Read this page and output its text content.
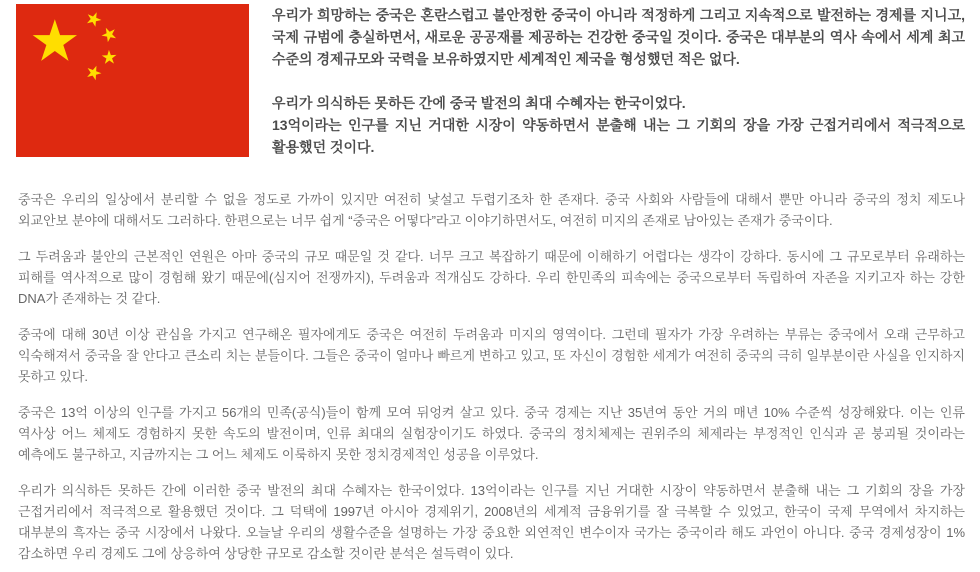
우리가 희망하는 중국은 혼란스럽고 불안정한 중국이 아니라 적정하게 그리고 지속적으로 발전하는 경제를 지니고, 국제 규범에 충실하면서, 새로운 공공재를 제공하는 건강한 중국일 것이다. 중국은 대부분의 역사 속에서 세계 최고 수준의 경제규모와 국력을 보유하였지만 세계적인 제국을 형성했던 적은 없다.
우리가 의식하든 못하든 간에 중국 발전의 최대 수혜자는 한국이었다.
13억이라는 인구를 지닌 거대한 시장이 약동하면서 분출해 내는 그 기회의 장을 가장 근접거리에서 적극적으로 활용했던 것이다.

중국은 우리의 일상에서 분리할 수 없을 정도로 가까이 있지만 여전히 낯설고 두렵기조차 한 존재다. 중국 사회와 사람들에 대해서 뿐만 아니라 중국의 정치 제도나 외교안보 분야에 대해서도 그러하다. 한편으로는 너무 쉽게 “중국은 어떻다”라고 이야기하면서도, 여전히 미지의 존재로 남아있는 존재가 중국이다.

그 두려움과 불안의 근본적인 연원은 아마 중국의 규모 때문일 것 같다. 너무 크고 복잡하기 때문에 이해하기 어렵다는 생각이 강하다. 동시에 그 규모로부터 유래하는 피해를 역사적으로 많이 경험해 왔기 때문에(심지어 전쟁까지), 두려움과 적개심도 강하다. 우리 한민족의 피속에는 중국으로부터 독립하여 자존을 지키고자 하는 강한 DNA가 존재하는 것 같다.

중국에 대해 30년 이상 관심을 가지고 연구해온 필자에게도 중국은 여전히 두려움과 미지의 영역이다. 그런데 필자가 가장 우려하는 부류는 중국에서 오래 근무하고 익숙해져서 중국을 잘 안다고 큰소리 치는 분들이다. 그들은 중국이 얼마나 빠르게 변하고 있고, 또 자신이 경험한 세계가 여전히 중국의 극히 일부분이란 사실을 인지하지 못하고 있다.

중국은 13억 이상의 인구를 가지고 56개의 민족(공식)들이 함께 모여 뒤엉켜 살고 있다. 중국 경제는 지난 35년여 동안 거의 매년 10% 수준씩 성장해왔다. 이는 인류 역사상 어느 체제도 경험하지 못한 속도의 발전이며, 인류 최대의 실험장이기도 하였다. 중국의 정치체제는 권위주의 체제라는 부정적인 인식과 곧 붕괴될 것이라는 예측에도 불구하고, 지금까지는 그 어느 체제도 이룩하지 못한 정치경제적인 성공을 이루었다.

우리가 의식하든 못하든 간에 이러한 중국 발전의 최대 수혜자는 한국이었다. 13억이라는 인구를 지닌 거대한 시장이 약동하면서 분출해 내는 그 기회의 장을 가장 근접거리에서 적극적으로 활용했던 것이다. 그 덕택에 1997년 아시아 경제위기, 2008년의 세계적 금융위기를 잘 극복할 수 있었고, 한국이 국제 무역에서 차지하는 대부분의 흑자는 중국 시장에서 나왔다. 오늘날 우리의 생활수준을 설명하는 가장 중요한 외연적인 변수이자 국가는 중국이라 해도 과언이 아니다. 중국 경제성장이 1% 감소하면 우리 경제도 그에 상응하여 상당한 규모로 감소할 것이란 분석은 설득력이 있다.
